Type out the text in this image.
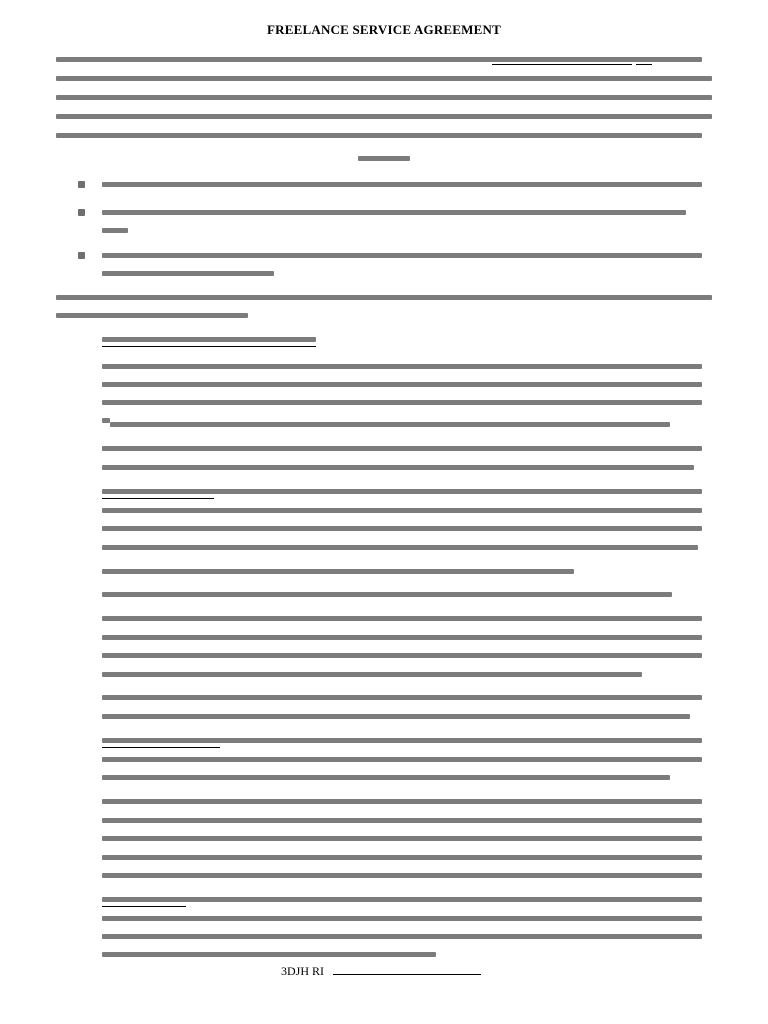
FREELANCE SERVICE AGREEMENT
3DJH RI
